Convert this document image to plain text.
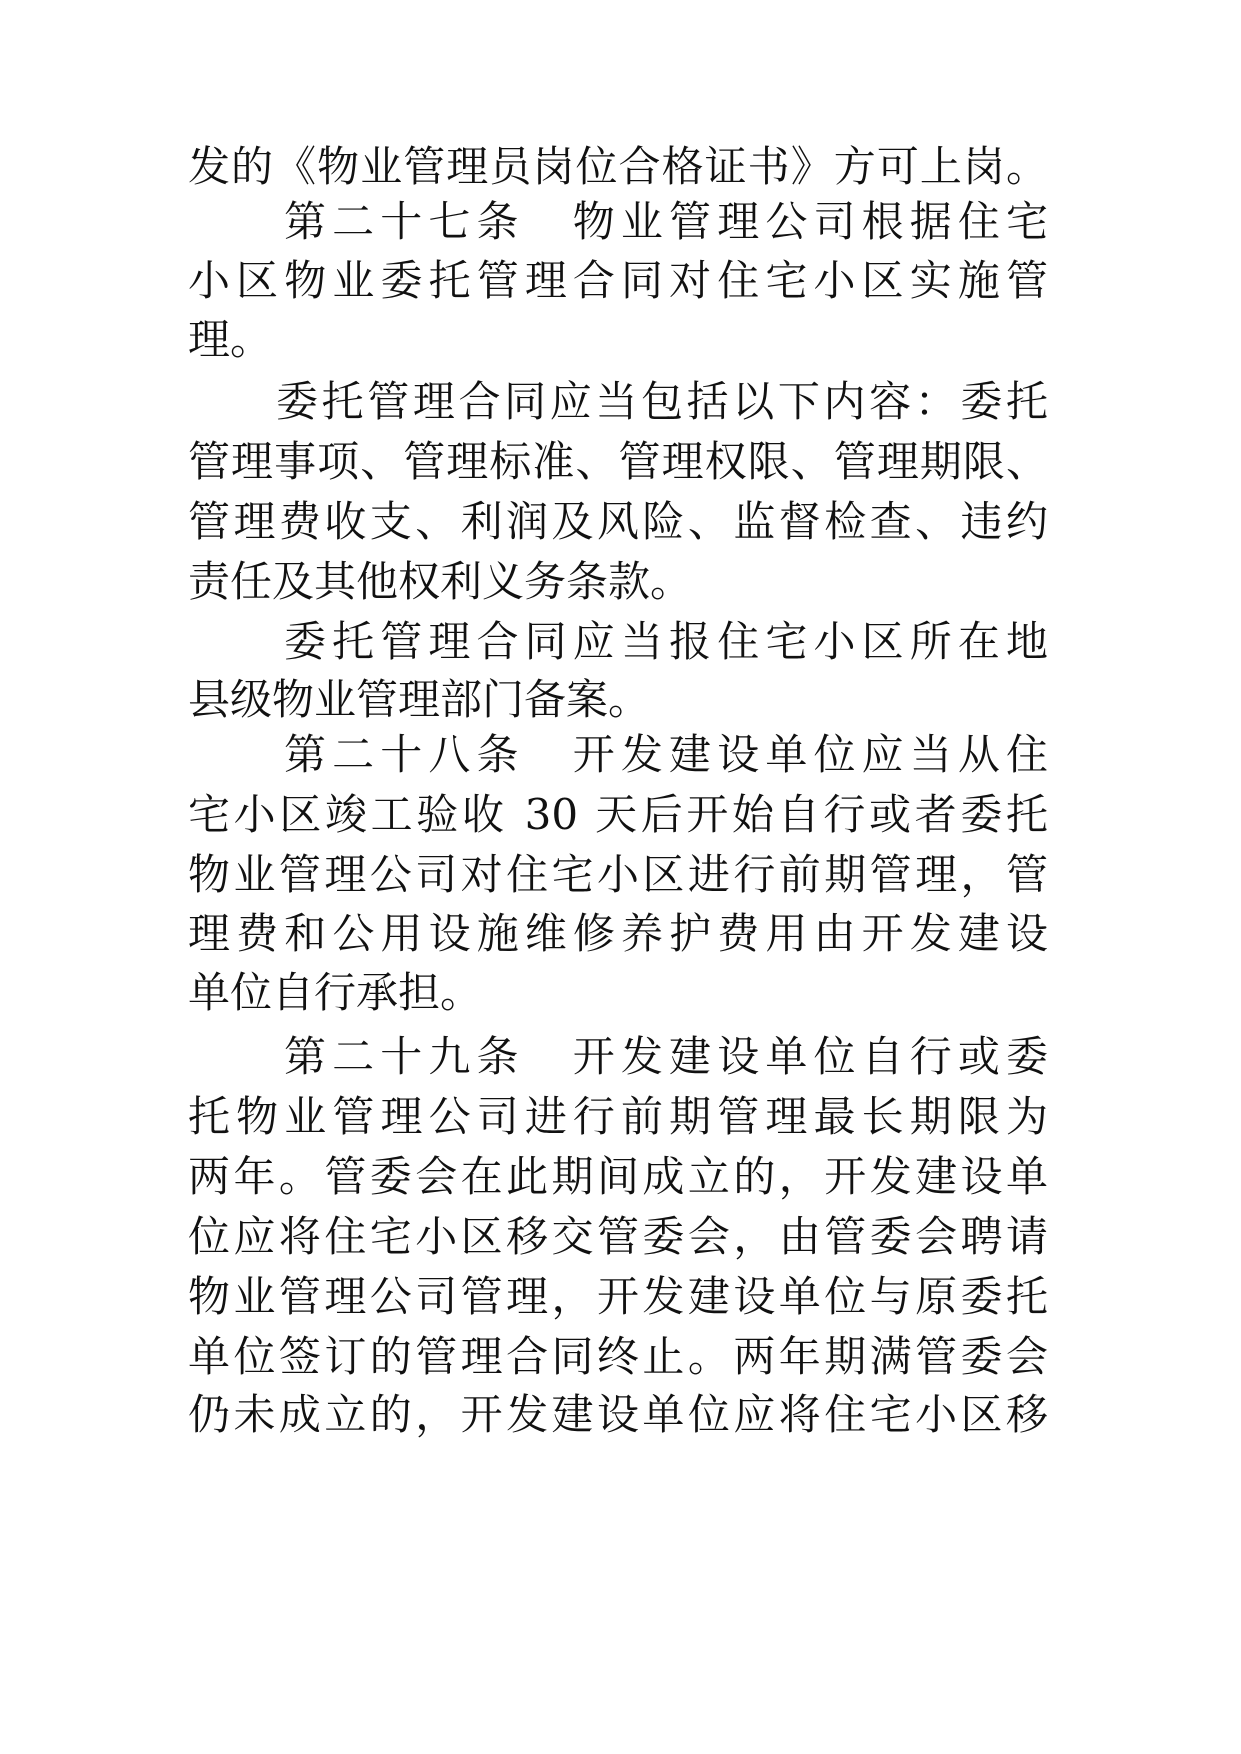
发的《物业管理员岗位合格证书》方可上岗。
第二十七条　物业管理公司根据住宅
小区物业委托管理合同对住宅小区实施管
理。
委托管理合同应当包括以下内容：委托
管理事项、管理标准、管理权限、管理期限、
管理费收支、利润及风险、监督检查、违约
责任及其他权利义务条款。
委托管理合同应当报住宅小区所在地
县级物业管理部门备案。
第二十八条　开发建设单位应当从住
宅小区竣工验收 30 天后开始自行或者委托
物业管理公司对住宅小区进行前期管理，管
理费和公用设施维修养护费用由开发建设
单位自行承担。
第二十九条　开发建设单位自行或委
托物业管理公司进行前期管理最长期限为
两年。管委会在此期间成立的，开发建设单
位应将住宅小区移交管委会，由管委会聘请
物业管理公司管理，开发建设单位与原委托
单位签订的管理合同终止。两年期满管委会
仍未成立的，开发建设单位应将住宅小区移
